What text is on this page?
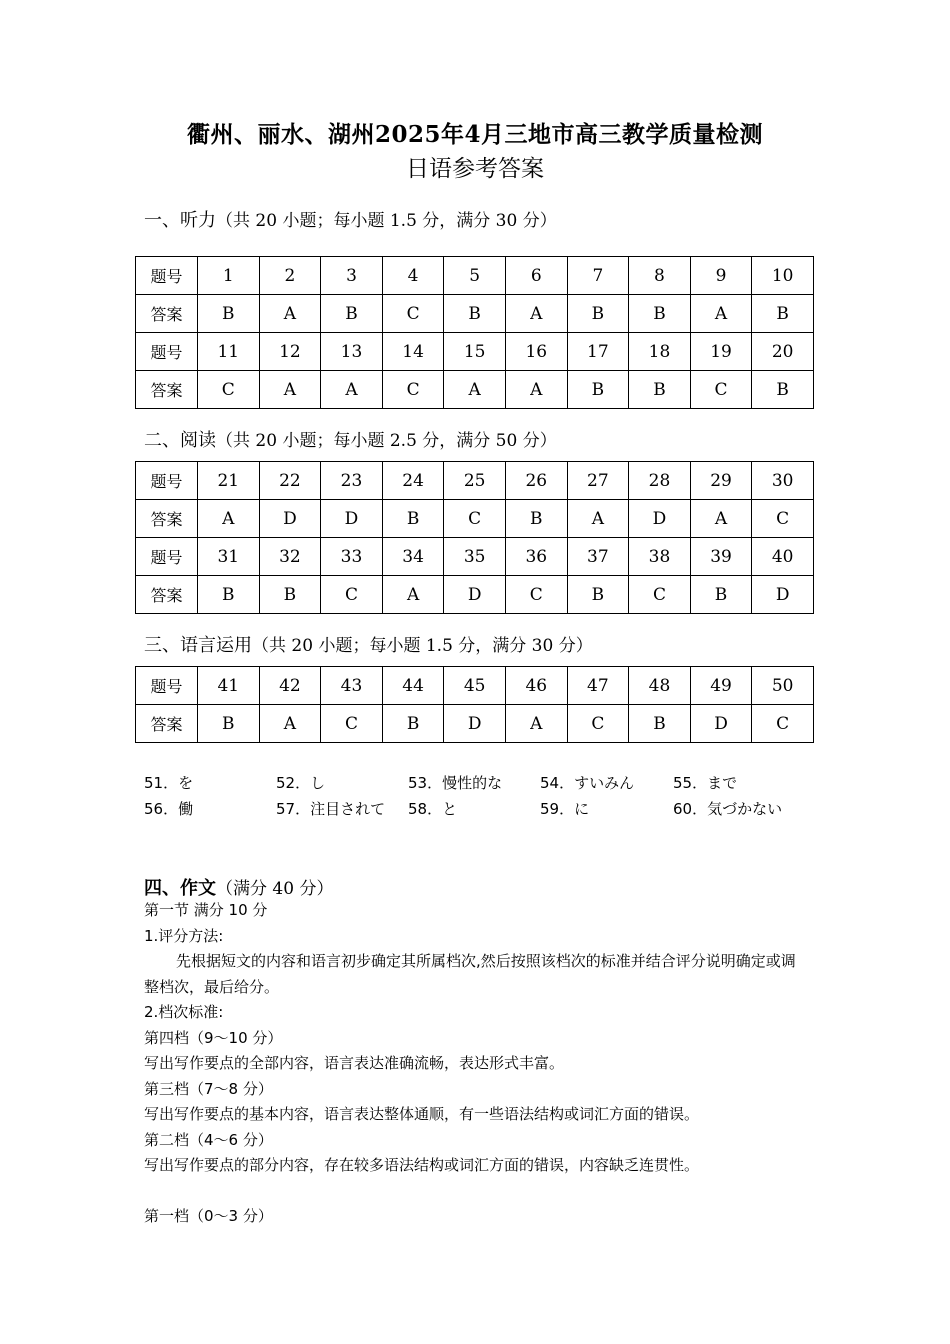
衢州、丽水、湖州2025年4月三地市高三教学质量检测
日语参考答案
一、听力（共 20 小题；每小题 1.5 分，满分 30 分）
题号	1	2	3	4	5	6	7	8	9	10
答案	B	A	B	C	B	A	B	B	A	B
题号	11	12	13	14	15	16	17	18	19	20
答案	C	A	A	C	A	A	B	B	C	B
二、阅读（共 20 小题；每小题 2.5 分，满分 50 分）
题号	21	22	23	24	25	26	27	28	29	30
答案	A	D	D	B	C	B	A	D	A	C
题号	31	32	33	34	35	36	37	38	39	40
答案	B	B	C	A	D	C	B	C	B	D
三、语言运用（共 20 小题；每小题 1.5 分，满分 30 分）
题号	41	42	43	44	45	46	47	48	49	50
答案	B	A	C	B	D	A	C	B	D	C
51．を	52．し	53．慢性的な	54．すいみん	55．まで
56．働	57．注目されて 58．と	59．に	60．気づかない
四、作文（满分 40 分）

第一节 满分 10 分

1.评分方法:

先根据短文的内容和语言初步确定其所属档次,然后按照该档次的标准并结合评分说明确定或调整档次，最后给分。

2.档次标准:

第四档（9～10 分）

写出写作要点的全部内容，语言表达准确流畅，表达形式丰富。

第三档（7～8 分）

写出写作要点的基本内容，语言表达整体通顺，有一些语法结构或词汇方面的错误。

第二档（4～6 分）

写出写作要点的部分内容，存在较多语法结构或词汇方面的错误，内容缺乏连贯性。

第一档（0～3 分）
